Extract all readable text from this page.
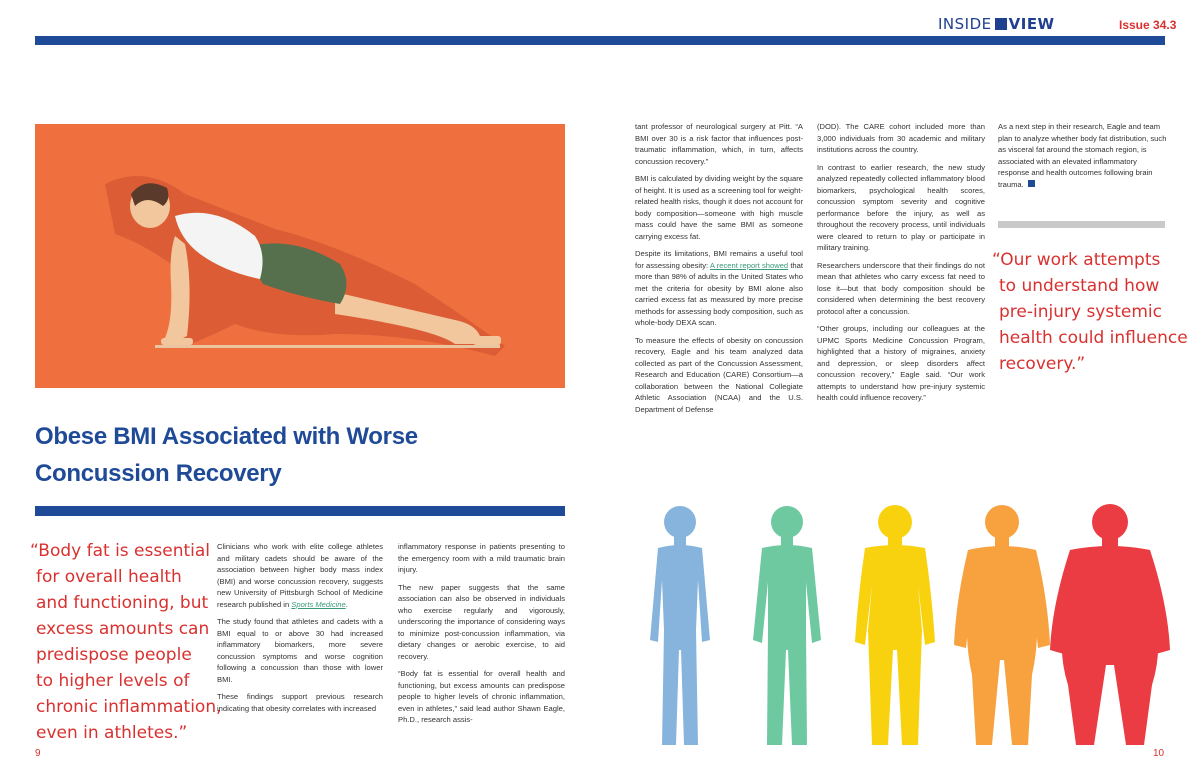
INSIDE VIEW	Issue 34.3
Obese BMI Associated with Worse
Concussion Recovery
“Body fat is essential
for overall health
and functioning, but
excess amounts can
predispose people
to higher levels of
chronic inflammation,
even in athletes.”

Clinicians who work with elite college athletes and military cadets should be aware of the association between higher body mass index (BMI) and worse concussion recovery, suggests new University of Pittsburgh School of Medicine research published in Sports Medicine.

The study found that athletes and cadets with a BMI equal to or above 30 had increased inflammatory biomarkers, more severe concussion symptoms and worse cognition following a concussion than those with lower BMI.

These findings support previous research indicating that obesity correlates with increased

inflammatory response in patients presenting to the emergency room with a mild traumatic brain injury.

The new paper suggests that the same association can also be observed in individuals who exercise regularly and vigorously, underscoring the importance of considering ways to minimize post-concussion inflammation, via dietary changes or aerobic exercise, to aid recovery.

“Body fat is essential for overall health and functioning, but excess amounts can predispose people to higher levels of chronic inflammation, even in athletes,” said lead author Shawn Eagle, Ph.D., research assis-

tant professor of neurological surgery at Pitt. “A BMI over 30 is a risk factor that influences post-traumatic inflammation, which, in turn, affects concussion recovery.”

BMI is calculated by dividing weight by the square of height. It is used as a screening tool for weight-related health risks, though it does not account for body composition—someone with high muscle mass could have the same BMI as someone carrying excess fat.

Despite its limitations, BMI remains a useful tool for assessing obesity: A recent report showed that more than 98% of adults in the United States who met the criteria for obesity by BMI alone also carried excess fat as measured by more precise methods for assessing body composition, such as whole-body DEXA scan.

To measure the effects of obesity on concussion recovery, Eagle and his team analyzed data collected as part of the Concussion Assessment, Research and Education (CARE) Consortium—a collaboration between the National Collegiate Athletic Association (NCAA) and the U.S. Department of Defense

(DOD). The CARE cohort included more than 3,000 individuals from 30 academic and military institutions across the country.

In contrast to earlier research, the new study analyzed repeatedly collected inflammatory blood biomarkers, psychological health scores, concussion symptom severity and cognitive performance before the injury, as well as throughout the recovery process, until individuals were cleared to return to play or participate in military training.

Researchers underscore that their findings do not mean that athletes who carry excess fat need to lose it—but that body composition should be considered when determining the best recovery protocol after a concussion.

“Other groups, including our colleagues at the UPMC Sports Medicine Concussion Program, highlighted that a history of migraines, anxiety and depression, or sleep disorders affect concussion recovery,” Eagle said. “Our work attempts to understand how pre-injury systemic health could influence recovery.”

As a next step in their research, Eagle and team plan to analyze whether body fat distribution, such as visceral fat around the stomach region, is associated with an elevated inflammatory response and health outcomes following brain trauma.

“Our work attempts
to understand how
pre-injury systemic
health could influence
recovery.”
9	10
